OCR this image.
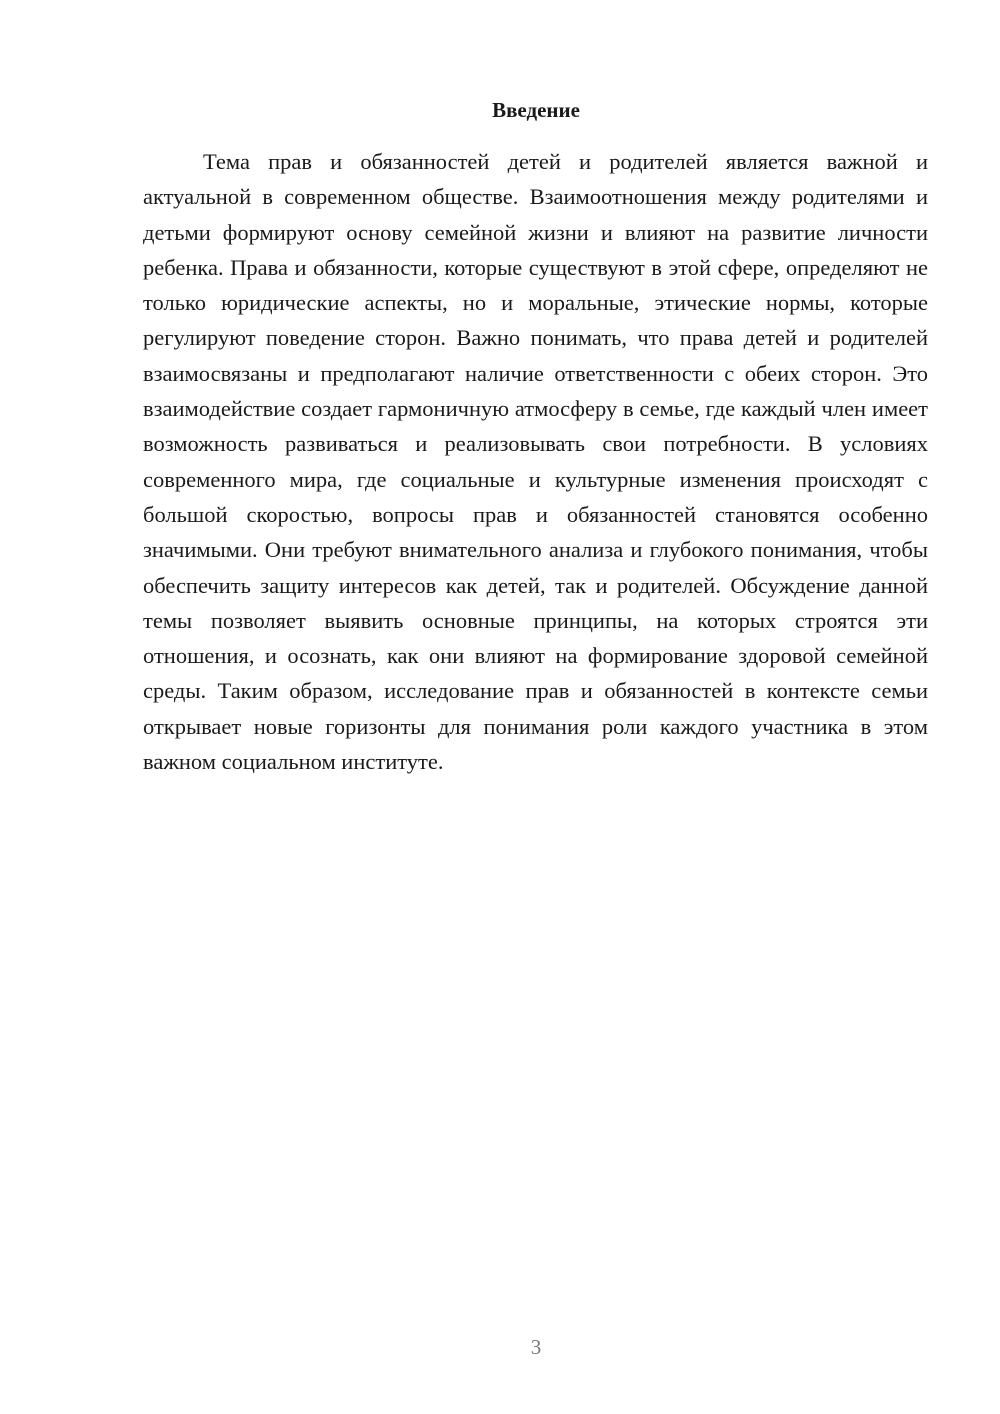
Введение

Тема прав и обязанностей детей и родителей является важной и актуальной в современном обществе. Взаимоотношения между родителями и детьми формируют основу семейной жизни и влияют на развитие личности ребенка. Права и обязанности, которые существуют в этой сфере, определяют не только юридические аспекты, но и моральные, этические нормы, которые регулируют поведение сторон. Важно понимать, что права детей и родителей взаимосвязаны и предполагают наличие ответственности с обеих сторон. Это взаимодействие создает гармоничную атмосферу в семье, где каждый член имеет возможность развиваться и реализовывать свои потребности. В условиях современного мира, где социальные и культурные изменения происходят с большой скоростью, вопросы прав и обязанностей становятся особенно значимыми. Они требуют внимательного анализа и глубокого понимания, чтобы обеспечить защиту интересов как детей, так и родителей. Обсуждение данной темы позволяет выявить основные принципы, на которых строятся эти отношения, и осознать, как они влияют на формирование здоровой семейной среды. Таким образом, исследование прав и обязанностей в контексте семьи открывает новые горизонты для понимания роли каждого участника в этом важном социальном институте.

3
